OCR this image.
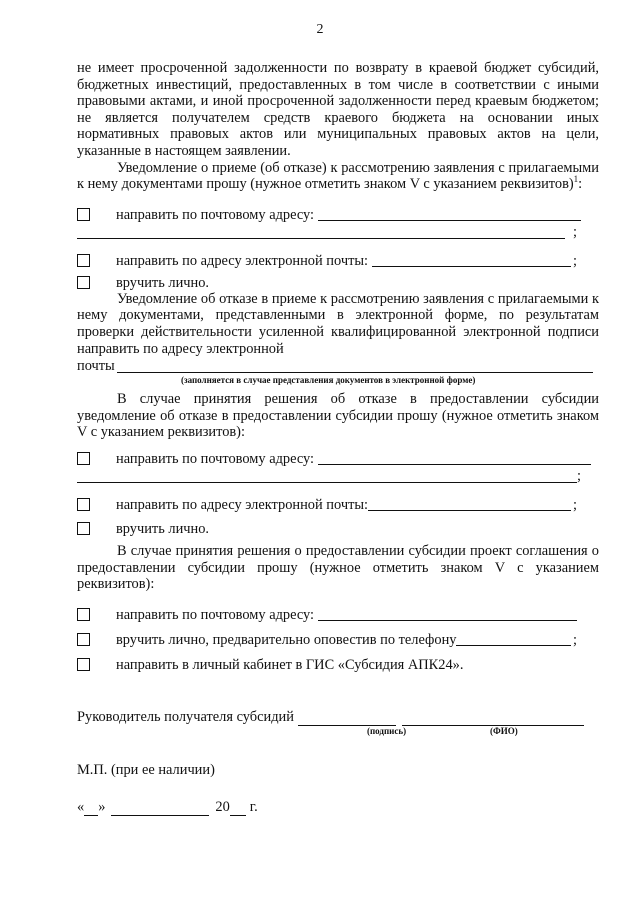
2

не имеет просроченной задолженности по возврату в краевой бюджет субсидий, бюджетных инвестиций, предоставленных в том числе в соответствии с иными правовыми актами, и иной просроченной задолженности перед краевым бюджетом; не является получателем средств краевого бюджета на основании иных нормативных правовых актов или муниципальных правовых актов на цели, указанные в настоящем заявлении.

Уведомление о приеме (об отказе) к рассмотрению заявления с прилагаемыми к нему документами прошу (нужное отметить знаком V с указанием реквизитов)$^1$:

направить по почтовому адресу:
;
направить по адресу электронной почты:	;
вручить лично.

Уведомление об отказе в приеме к рассмотрению заявления с прилагаемыми к нему документами, представленными в электронной форме, по результатам проверки действительности усиленной квалифицированной электронной подписи направить по адресу электронной

почты
(заполняется в случае представления документов в электронной форме)

В случае принятия решения об отказе в предоставлении субсидии уведомление об отказе в предоставлении субсидии прошу (нужное отметить знаком V с указанием реквизитов):

направить по почтовому адресу:
;
направить по адресу электронной почты:	;
вручить лично.

В случае принятия решения о предоставлении субсидии проект соглашения о предоставлении субсидии прошу (нужное отметить знаком V с указанием реквизитов):

направить по почтовому адресу:
вручить лично, предварительно оповестив по телефону	;
направить в личный кабинет в ГИС «Субсидия АПК24».
Руководитель получателя субсидий
(подпись)	(ФИО)
М.П. (при ее наличии)
« »	20 г.
